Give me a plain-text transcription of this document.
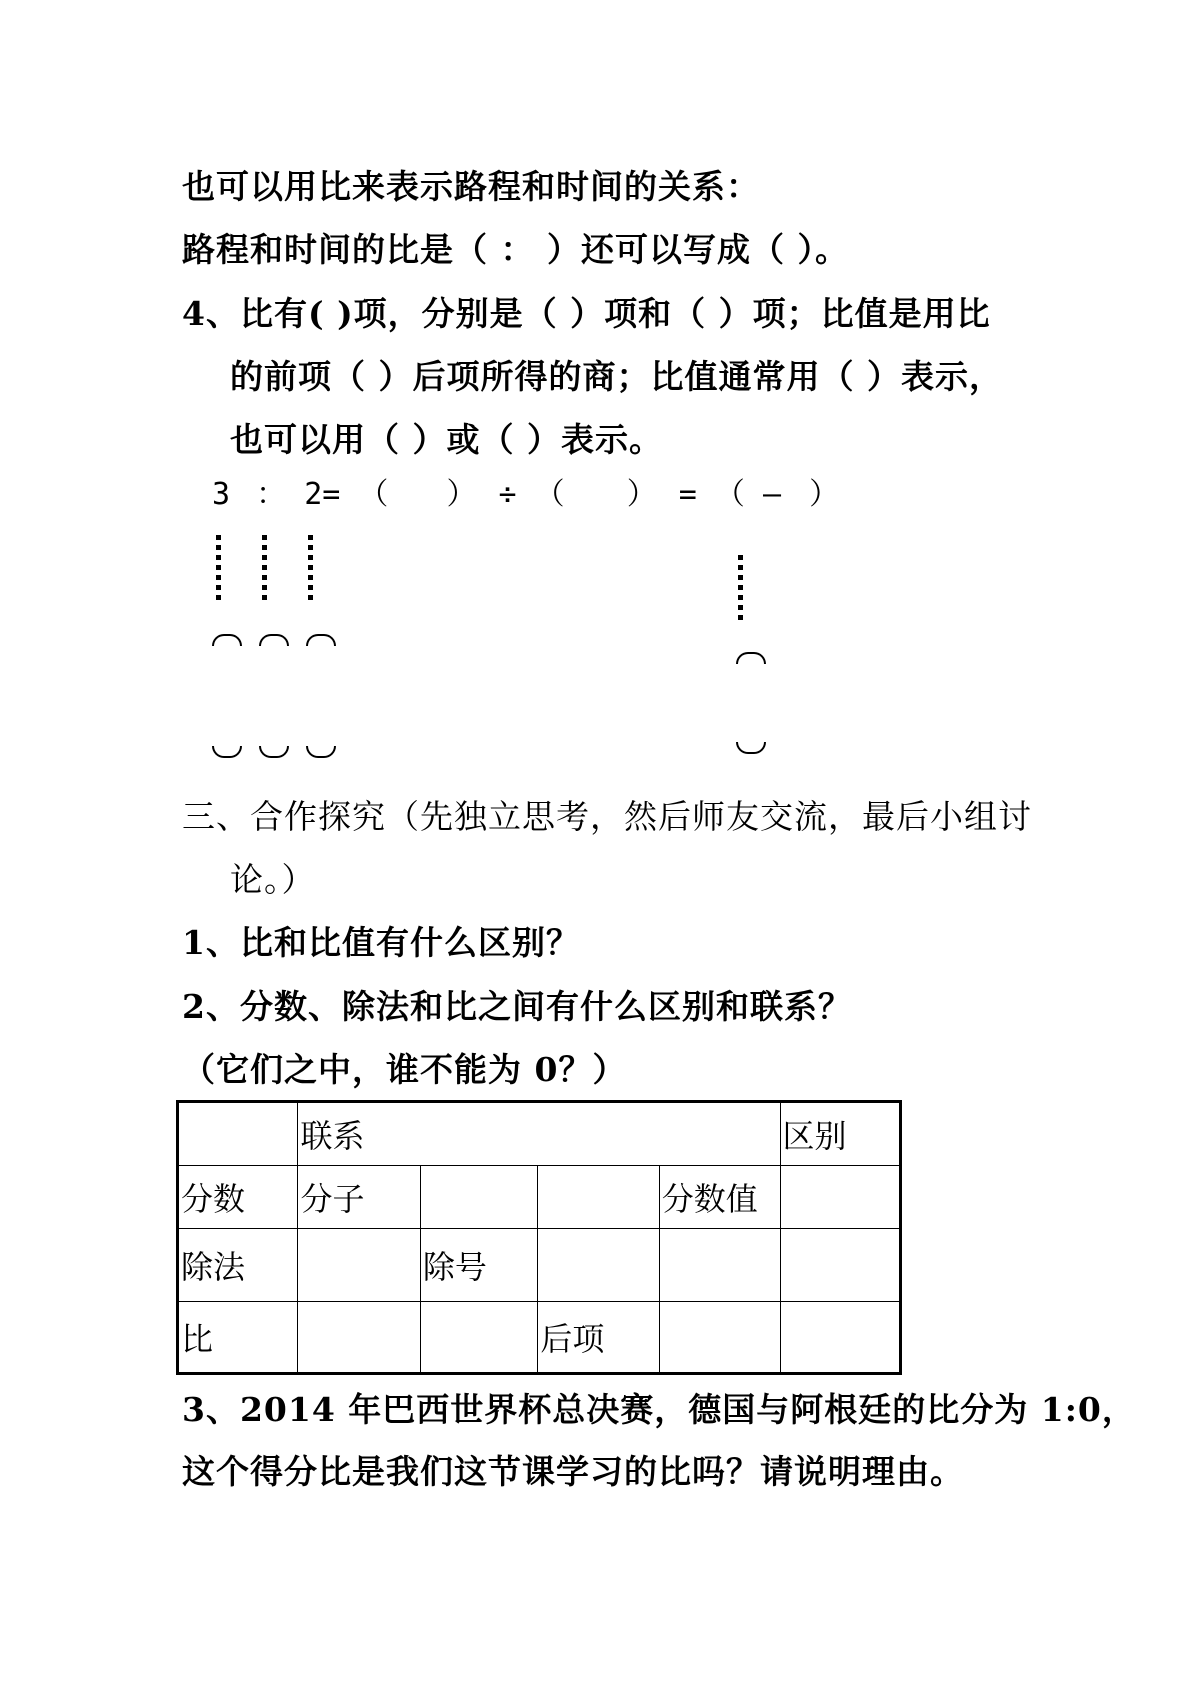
也可以用比来表示路程和时间的关系：
路程和时间的比是（ ： ）还可以写成（ ）。
4、比有( )项，分别是（ ）项和（ ）项；比值是用比
的前项（ ）后项所得的商；比值通常用（ ）表示，
也可以用（ ）或（ ）表示。
3 ： 2= （ ） ÷ （ ） = （ — ）
三、合作探究（先独立思考，然后师友交流，最后小组讨
论。）
1、比和比值有什么区别？
2、分数、除法和比之间有什么区别和联系？
（它们之中，谁不能为 0？）
	联系				区别
分数	分子			分数值	
除法		除号			
比			后项		
3、2014 年巴西世界杯总决赛，德国与阿根廷的比分为 1:0，
这个得分比是我们这节课学习的比吗？请说明理由。
